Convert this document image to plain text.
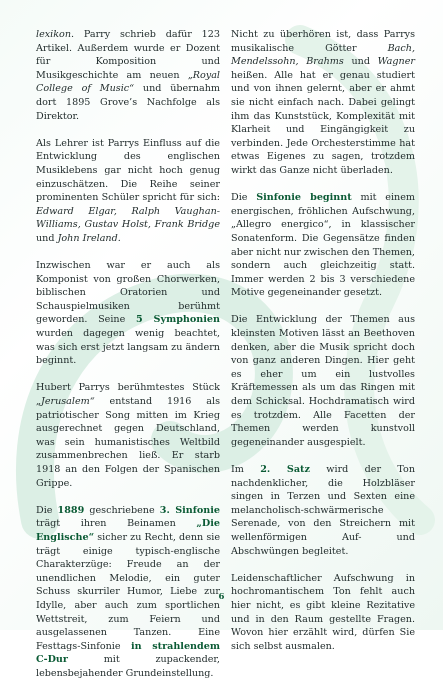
lexikon. Parry schrieb dafür 123 Artikel. Außerdem wurde er Dozent für Komposition und Musikgeschichte am neuen „Royal College of Music“ und übernahm dort 1895 Grove’s Nachfolge als Direktor.

Als Lehrer ist Parrys Einfluss auf die Entwicklung des englischen Musiklebens gar nicht hoch genug einzuschätzen. Die Reihe seiner prominenten Schüler spricht für sich: Edward Elgar, Ralph Vaughan-Williams, Gustav Holst, Frank Bridge und John Ireland.

Inzwischen war er auch als Komponist von großen Chorwerken, biblischen Oratorien und Schauspielmusiken berühmt geworden. Seine 5 Symphonien wurden dagegen wenig beachtet, was sich erst jetzt langsam zu ändern beginnt.

Hubert Parrys berühmtestes Stück „Jerusalem“ entstand 1916 als patriotischer Song mitten im Krieg ausgerechnet gegen Deutschland, was sein humanistisches Weltbild zusammenbrechen ließ. Er starb 1918 an den Folgen der Spanischen Grippe.

Die 1889 geschriebene 3. Sinfonie trägt ihren Beinamen „Die Englische“ sicher zu Recht, denn sie trägt einige typisch-englische Charakterzüge: Freude an der unendlichen Melodie, ein guter Schuss skurriler Humor, Liebe zur Idylle, aber auch zum sportlichen Wettstreit, zum Feiern und ausgelassenen Tanzen. Eine Festtags-Sinfonie in strahlendem C-Dur mit zupackender, lebensbejahender Grundeinstellung.

Nicht zu überhören ist, dass Parrys musikalische Götter Bach, Mendelssohn, Brahms und Wagner heißen. Alle hat er genau studiert und von ihnen gelernt, aber er ahmt sie nicht einfach nach. Dabei gelingt ihm das Kunststück, Komplexität mit Klarheit und Eingängigkeit zu verbinden. Jede Orchesterstimme hat etwas Eigenes zu sagen, trotzdem wirkt das Ganze nicht überladen.

Die Sinfonie beginnt mit einem energischen, fröhlichen Aufschwung, „Allegro energico“, in klassischer Sonatenform. Die Gegensätze finden aber nicht nur zwischen den Themen, sondern auch gleichzeitig statt. Immer werden 2 bis 3 verschiedene Motive gegeneinander gesetzt.

Die Entwicklung der Themen aus kleinsten Motiven lässt an Beethoven denken, aber die Musik spricht doch von ganz anderen Dingen. Hier geht es eher um ein lustvolles Kräftemessen als um das Ringen mit dem Schicksal. Hochdramatisch wird es trotzdem. Alle Facetten der Themen werden kunstvoll gegeneinander ausgespielt.

Im 2. Satz wird der Ton nachdenklicher, die Holzbläser singen in Terzen und Sexten eine melancholisch-schwärmerische Serenade, von den Streichern mit wellenförmigen Auf- und Abschwüngen begleitet.

Leidenschaftlicher Aufschwung in hochromantischem Ton fehlt auch hier nicht, es gibt kleine Rezitative und in den Raum gestellte Fragen. Wovon hier erzählt wird, dürfen Sie sich selbst ausmalen.

6
